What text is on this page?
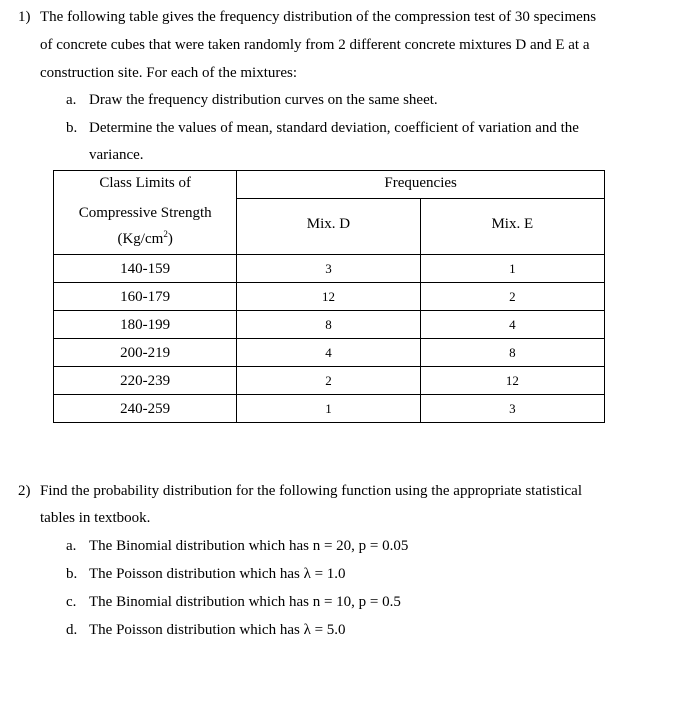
1) The following table gives the frequency distribution of the compression test of 30 specimens
of concrete cubes that were taken randomly from 2 different concrete mixtures D and E at a
construction site. For each of the mixtures:
a. Draw the frequency distribution curves on the same sheet.
b. Determine the values of mean, standard deviation, coefficient of variation and the
variance.
Class Limits of	Frequencies	

Compressive Strength
$(Kg/cm^2)$	Mix. D	Mix. E
140-159	3	1
160-179	12	2
180-199	8	4
200-219	4	8
220-239	2	12
240-259	1	3
2) Find the probability distribution for the following function using the appropriate statistical
tables in textbook.
a. The Binomial distribution which has n = 20, p = 0.05
b. The Poisson distribution which has λ = 1.0
c. The Binomial distribution which has n = 10, p = 0.5
d. The Poisson distribution which has λ = 5.0
